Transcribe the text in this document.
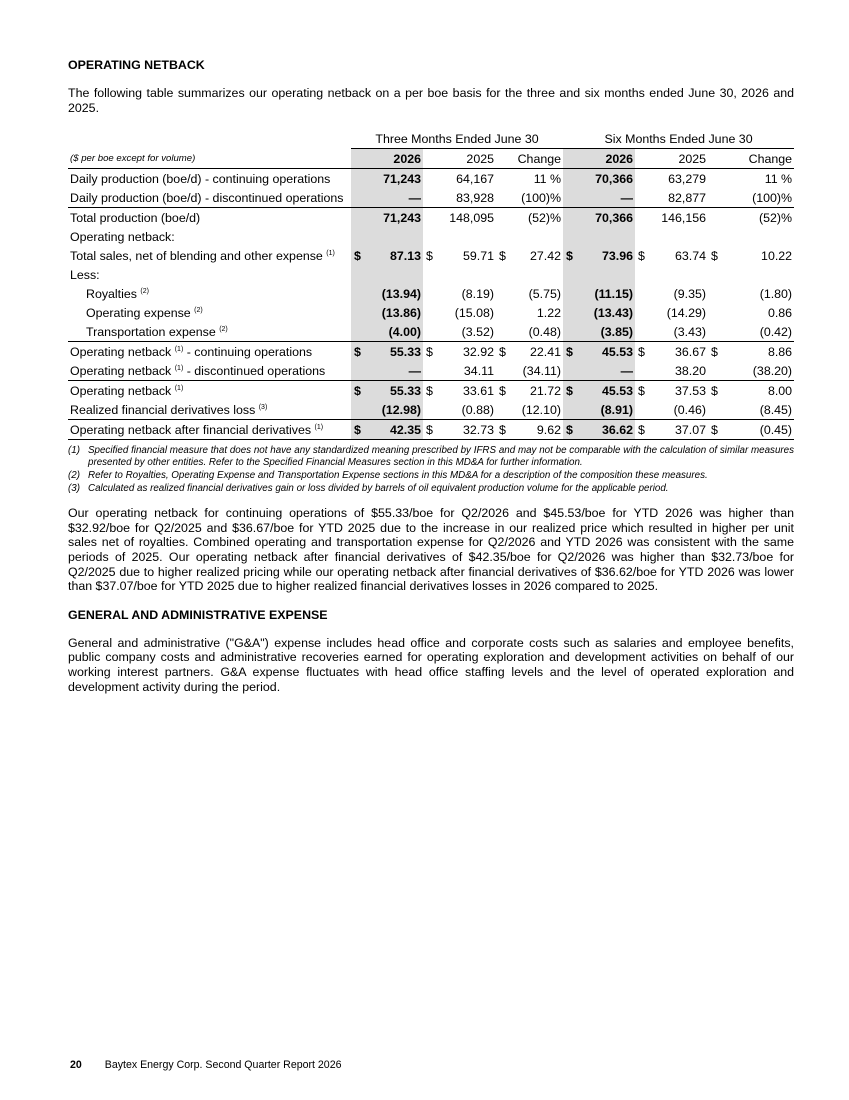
OPERATING NETBACK

The following table summarizes our operating netback on a per boe basis for the three and six months ended June 30, 2026 and 2025.

	Three Months Ended June 30						Six Months Ended June 30					
($ per boe except for volume)		2026		2025		Change		2026		2025		Change
Daily production (boe/d) - continuing operations		71,243		64,167		11 %		70,366		63,279		11 %
Daily production (boe/d) - discontinued operations		—		83,928		(100)%		—		82,877		(100)%
Total production (boe/d)		71,243		148,095		(52)%		70,366		146,156		(52)%
Operating netback:												
Total sales, net of blending and other expense $^{(1)}$	$	87.13	$	59.71	$	27.42	$	73.96	$	63.74	$	10.22
Less:												
Royalties $^{(2)}$		(13.94)		(8.19)		(5.75)		(11.15)		(9.35)		(1.80)
Operating expense $^{(2)}$		(13.86)		(15.08)		1.22		(13.43)		(14.29)		0.86
Transportation expense $^{(2)}$		(4.00)		(3.52)		(0.48)		(3.85)		(3.43)		(0.42)
Operating netback $^{(1)}$ - continuing operations	$	55.33	$	32.92	$	22.41	$	45.53	$	36.67	$	8.86
Operating netback $^{(1)}$ - discontinued operations		—		34.11		(34.11)		—		38.20		(38.20)
Operating netback $^{(1)}$	$	55.33	$	33.61	$	21.72	$	45.53	$	37.53	$	8.00
Realized financial derivatives loss $^{(3)}$		(12.98)		(0.88)		(12.10)		(8.91)		(0.46)		(8.45)
Operating netback after financial derivatives $^{(1)}$	$	42.35	$	32.73	$	9.62	$	36.62	$	37.07	$	(0.45)
(1) Specified financial measure that does not have any standardized meaning prescribed by IFRS and may not be comparable with the calculation of similar measures presented by other entities. Refer to the Specified Financial Measures section in this MD&A for further information.
(2) Refer to Royalties, Operating Expense and Transportation Expense sections in this MD&A for a description of the composition these measures.
(3) Calculated as realized financial derivatives gain or loss divided by barrels of oil equivalent production volume for the applicable period.

Our operating netback for continuing operations of $55.33/boe for Q2/2026 and $45.53/boe for YTD 2026 was higher than $32.92/boe for Q2/2025 and $36.67/boe for YTD 2025 due to the increase in our realized price which resulted in higher per unit sales net of royalties. Combined operating and transportation expense for Q2/2026 and YTD 2026 was consistent with the same periods of 2025. Our operating netback after financial derivatives of $42.35/boe for Q2/2026 was higher than $32.73/boe for Q2/2025 due to higher realized pricing while our operating netback after financial derivatives of $36.62/boe for YTD 2026 was lower than $37.07/boe for YTD 2025 due to higher realized financial derivatives losses in 2026 compared to 2025.

GENERAL AND ADMINISTRATIVE EXPENSE

General and administrative ("G&A") expense includes head office and corporate costs such as salaries and employee benefits, public company costs and administrative recoveries earned for operating exploration and development activities on behalf of our working interest partners. G&A expense fluctuates with head office staffing levels and the level of operated exploration and development activity during the period.

20 Baytex Energy Corp. Second Quarter Report 2026
